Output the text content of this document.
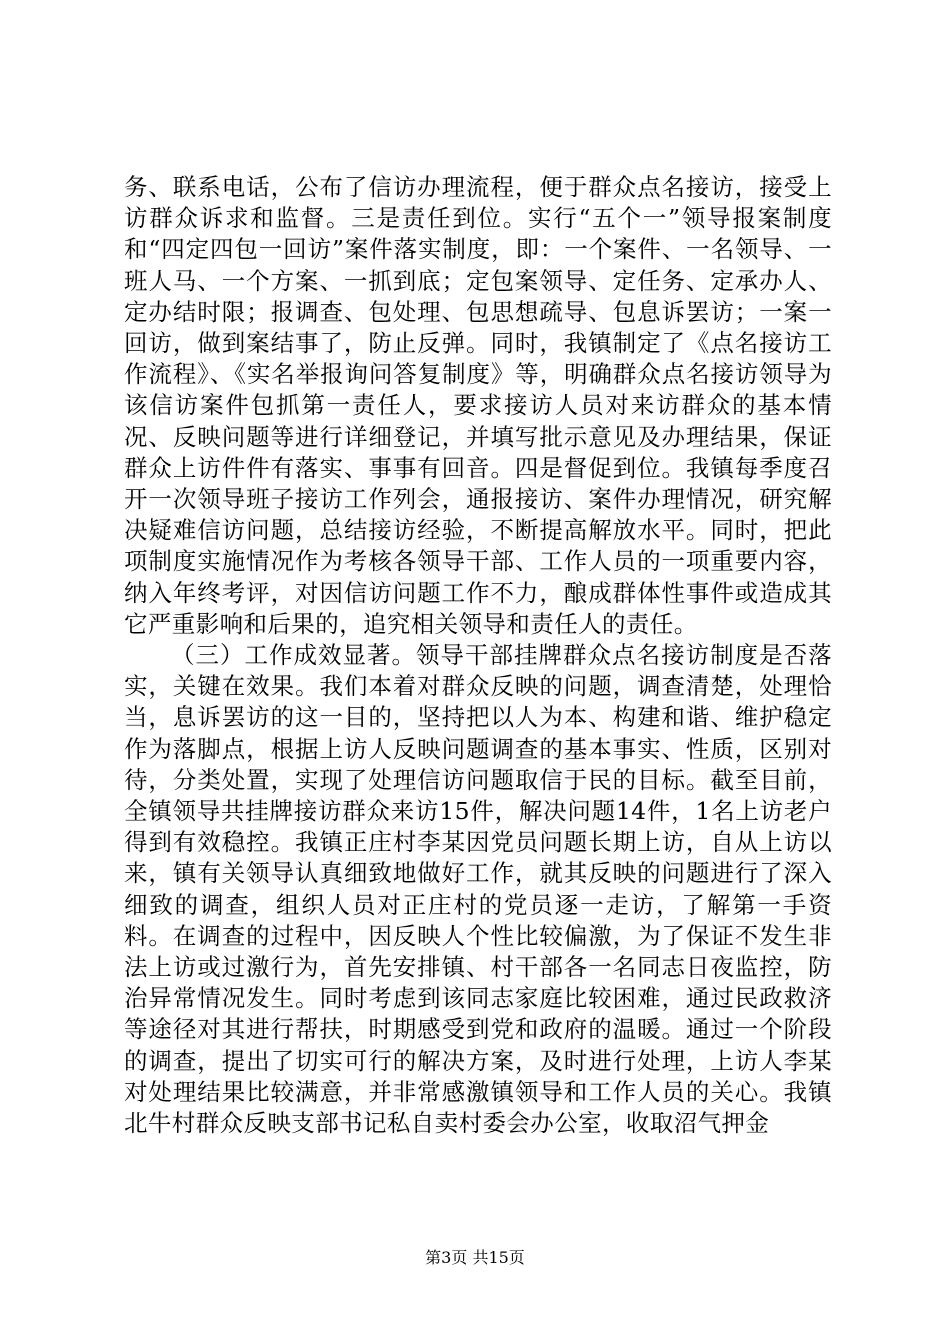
务、联系电话，公布了信访办理流程，便于群众点名接访，接受上访群众诉求和监督。三是责任到位。实行“五个一”领导报案制度和“四定四包一回访”案件落实制度，即：一个案件、一名领导、一班人马、一个方案、一抓到底；定包案领导、定任务、定承办人、定办结时限；报调查、包处理、包思想疏导、包息诉罢访；一案一回访，做到案结事了，防止反弹。同时，我镇制定了《点名接访工作流程》、《实名举报询问答复制度》等，明确群众点名接访领导为该信访案件包抓第一责任人，要求接访人员对来访群众的基本情况、反映问题等进行详细登记，并填写批示意见及办理结果，保证群众上访件件有落实、事事有回音。四是督促到位。我镇每季度召开一次领导班子接访工作列会，通报接访、案件办理情况，研究解决疑难信访问题，总结接访经验，不断提高解放水平。同时，把此项制度实施情况作为考核各领导干部、工作人员的一项重要内容，纳入年终考评，对因信访问题工作不力，酿成群体性事件或造成其它严重影响和后果的，追究相关领导和责任人的责任。

（三）工作成效显著。领导干部挂牌群众点名接访制度是否落实，关键在效果。我们本着对群众反映的问题，调查清楚，处理恰当，息诉罢访的这一目的，坚持把以人为本、构建和谐、维护稳定作为落脚点，根据上访人反映问题调查的基本事实、性质，区别对待，分类处置，实现了处理信访问题取信于民的目标。截至目前，全镇领导共挂牌接访群众来访15件，解决问题14件，1名上访老户得到有效稳控。我镇正庄村李某因党员问题长期上访，自从上访以来，镇有关领导认真细致地做好工作，就其反映的问题进行了深入细致的调查，组织人员对正庄村的党员逐一走访，了解第一手资料。在调查的过程中，因反映人个性比较偏激，为了保证不发生非法上访或过激行为，首先安排镇、村干部各一名同志日夜监控，防治异常情况发生。同时考虑到该同志家庭比较困难，通过民政救济等途径对其进行帮扶，时期感受到党和政府的温暖。通过一个阶段的调查，提出了切实可行的解决方案，及时进行处理，上访人李某对处理结果比较满意，并非常感激镇领导和工作人员的关心。我镇北牛村群众反映支部书记私自卖村委会办公室，收取沼气押金

第3页 共15页
